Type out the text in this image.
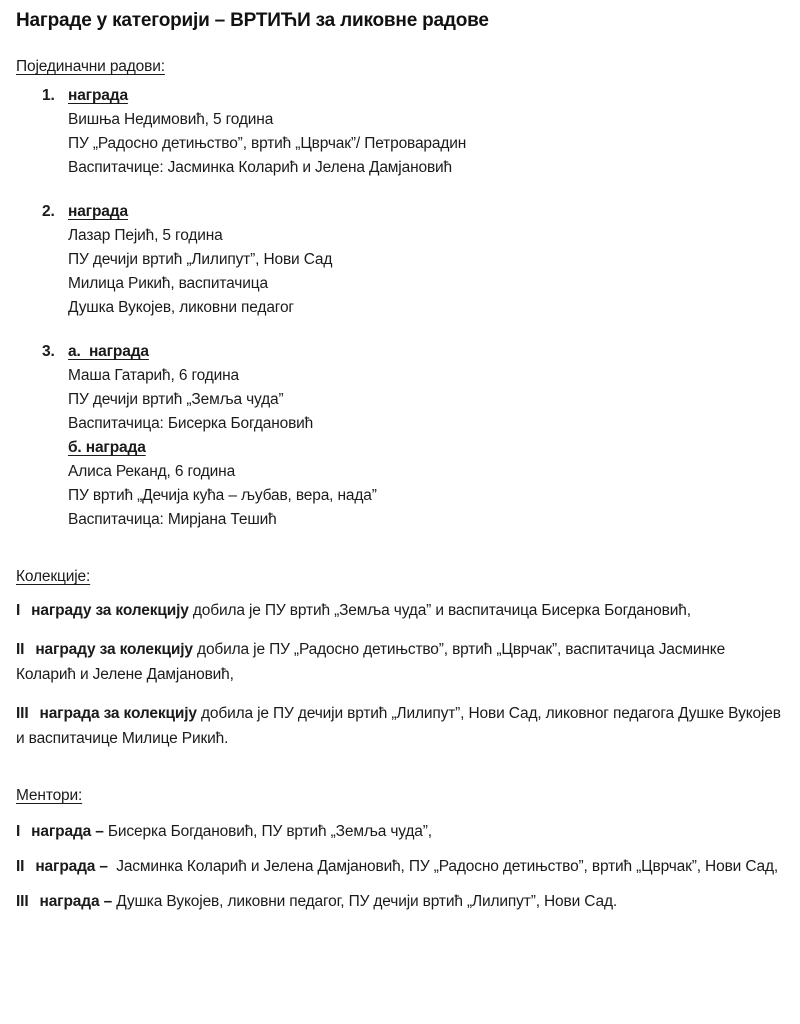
Награде у категорији – ВРТИЋИ за ликовне радове
Појединачни радови:
1. награда
Вишња Недимовић, 5 година
ПУ „Радосно детињство”, вртић „Цврчак”/ Петроварадин
Васпитачице: Јасминка Коларић и Јелена Дамјановић
2. награда
Лазар Пејић, 5 година
ПУ дечији вртић „Лилипут”, Нови Сад
Милица Рикић, васпитачица
Душка Вукојев, ликовни педагог
3. а.  награда
Маша Гатарић, 6 година
ПУ дечији вртић „Земља чуда”
Васпитачица: Бисерка Богдановић
б. награда
Алиса Реканд, 6 година
ПУ вртић „Дечија кућа – љубав, вера, нада”
Васпитачица: Мирјана Тешић
Колекције:

I награду за колекцију добила је ПУ вртић „Земља чуда” и васпитачица Бисерка Богдановић,

II награду за колекцију добила је ПУ „Радосно детињство”, вртић „Цврчак”, васпитачица Јасминке Коларић и Јелене Дамјановић,

III награда за колекцију добила је ПУ дечији вртић „Лилипут”, Нови Сад, ликовног педагога Душке Вукојев и васпитачице Милице Рикић.

Ментори:

I награда – Бисерка Богдановић, ПУ вртић „Земља чуда”,

II награда –  Јасминка Коларић и Јелена Дамјановић, ПУ „Радосно детињство”, вртић „Цврчак”, Нови Сад,

III награда – Душка Вукојев, ликовни педагог, ПУ дечији вртић „Лилипут”, Нови Сад.
